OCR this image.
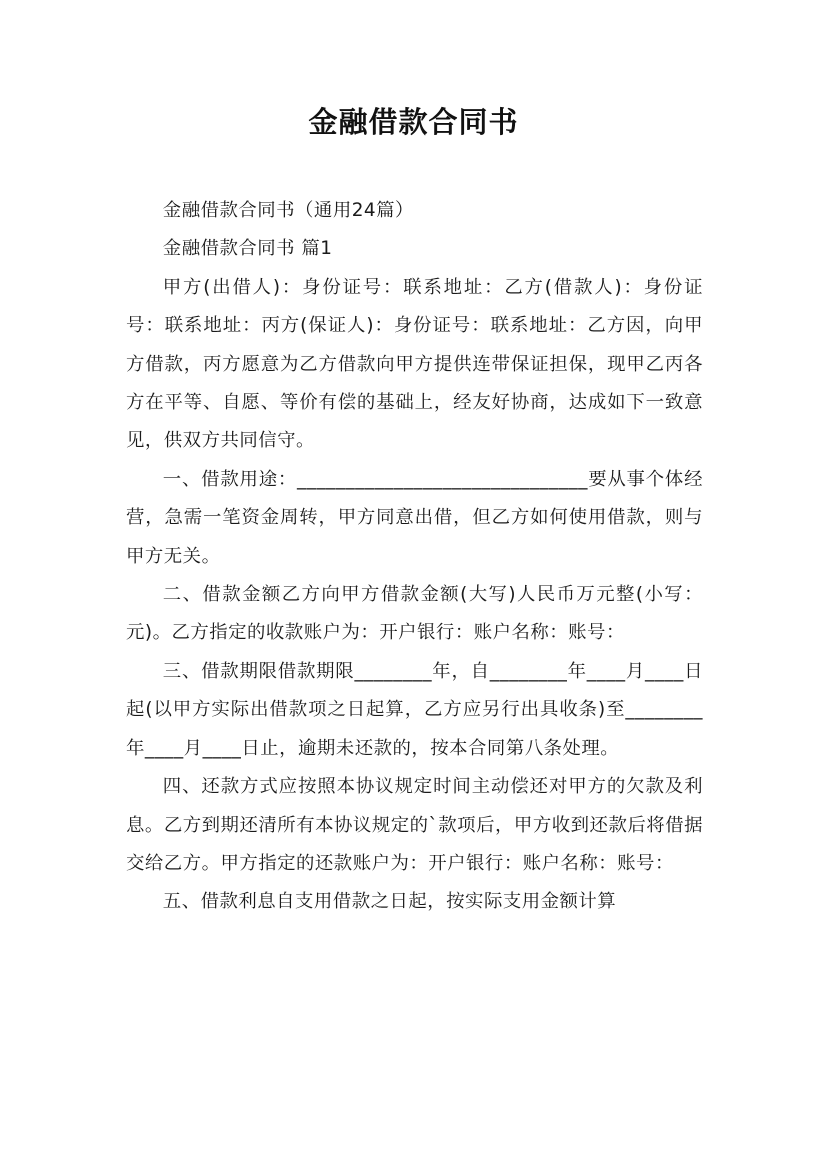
金融借款合同书

金融借款合同书（通用24篇）

金融借款合同书 篇1

甲方(出借人)：身份证号：联系地址：乙方(借款人)：身份证号：联系地址：丙方(保证人)：身份证号：联系地址：乙方因，向甲方借款，丙方愿意为乙方借款向甲方提供连带保证担保，现甲乙丙各方在平等、自愿、等价有偿的基础上，经友好协商，达成如下一致意见，供双方共同信守。

一、借款用途：______________________________要从事个体经营，急需一笔资金周转，甲方同意出借，但乙方如何使用借款，则与甲方无关。

二、借款金额乙方向甲方借款金额(大写)人民币万元整(小写：元)。乙方指定的收款账户为：开户银行：账户名称：账号：

三、借款期限借款期限________年，自________年____月____日起(以甲方实际出借款项之日起算，乙方应另行出具收条)至________年____月____日止，逾期未还款的，按本合同第八条处理。

四、还款方式应按照本协议规定时间主动偿还对甲方的欠款及利息。乙方到期还清所有本协议规定的`款项后，甲方收到还款后将借据交给乙方。甲方指定的还款账户为：开户银行：账户名称：账号：

五、借款利息自支用借款之日起，按实际支用金额计算
